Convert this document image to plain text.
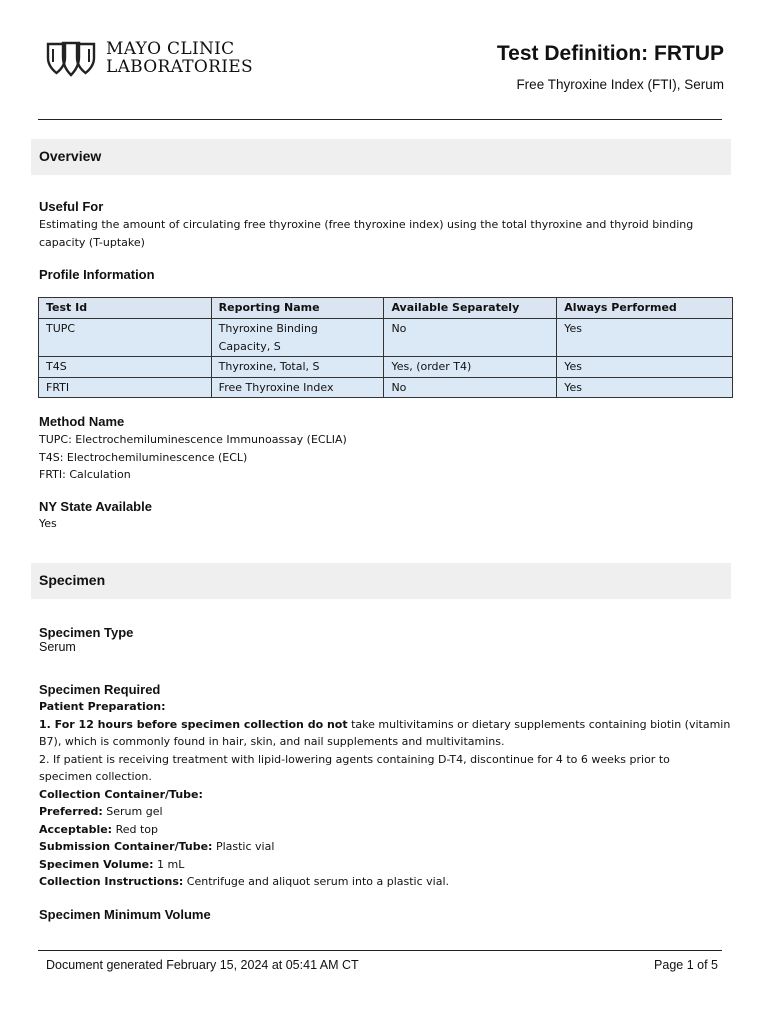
MAYO CLINIC
LABORATORIES
Test Definition: FRTUP
Free Thyroxine Index (FTI), Serum
Overview
Useful For
Estimating the amount of circulating free thyroxine (free thyroxine index) using the total thyroxine and thyroid binding
capacity (T-uptake)
Profile Information
Test Id	Reporting Name	Available Separately	Always Performed
TUPC	Thyroxine Binding
Capacity, S	No	Yes
T4S	Thyroxine, Total, S	Yes, (order T4)	Yes
FRTI	Free Thyroxine Index	No	Yes
Method Name
TUPC: Electrochemiluminescence Immunoassay (ECLIA)
T4S: Electrochemiluminescence (ECL)
FRTI: Calculation
NY State Available
Yes
Specimen
Specimen Type
Serum
Specimen Required
Patient Preparation:
1. For 12 hours before specimen collection do not take multivitamins or dietary supplements containing biotin (vitamin
B7), which is commonly found in hair, skin, and nail supplements and multivitamins.
2. If patient is receiving treatment with lipid-lowering agents containing D-T4, discontinue for 4 to 6 weeks prior to
specimen collection.
Collection Container/Tube:
Preferred: Serum gel
Acceptable: Red top
Submission Container/Tube: Plastic vial
Specimen Volume: 1 mL
Collection Instructions: Centrifuge and aliquot serum into a plastic vial.
Specimen Minimum Volume
Document generated February 15, 2024 at 05:41 AM CT	Page 1 of 5
